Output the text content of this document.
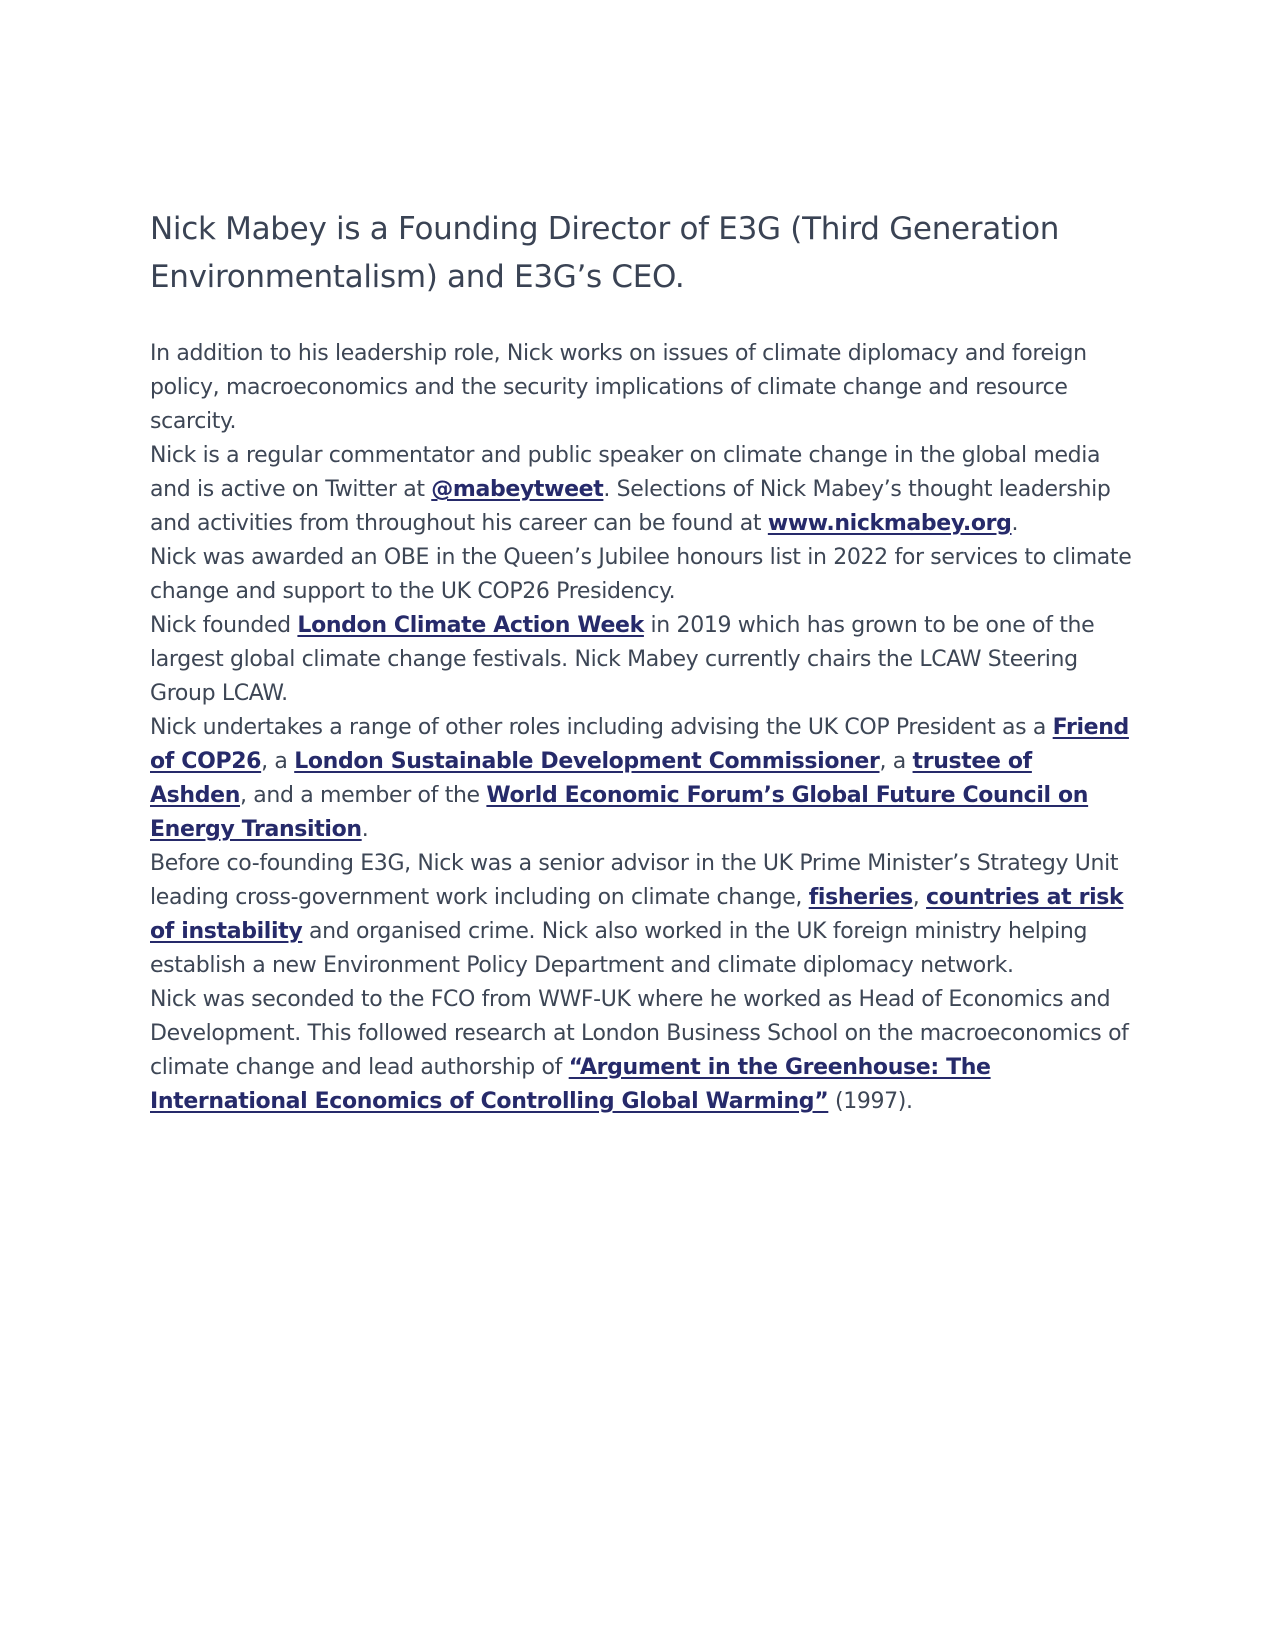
Nick Mabey is a Founding Director of E3G (Third Generation Environmentalism) and E3G’s CEO.

In addition to his leadership role, Nick works on issues of climate diplomacy and foreign policy, macroeconomics and the security implications of climate change and resource scarcity.

Nick is a regular commentator and public speaker on climate change in the global media and is active on Twitter at @mabeytweet. Selections of Nick Mabey’s thought leadership and activities from throughout his career can be found at www.nickmabey.org.

Nick was awarded an OBE in the Queen’s Jubilee honours list in 2022 for services to climate change and support to the UK COP26 Presidency.

Nick founded London Climate Action Week in 2019 which has grown to be one of the largest global climate change festivals. Nick Mabey currently chairs the LCAW Steering Group LCAW.

Nick undertakes a range of other roles including advising the UK COP President as a Friend of COP26, a London Sustainable Development Commissioner, a trustee of Ashden, and a member of the World Economic Forum’s Global Future Council on Energy Transition.

Before co-founding E3G, Nick was a senior advisor in the UK Prime Minister’s Strategy Unit leading cross-government work including on climate change, fisheries, countries at risk of instability and organised crime. Nick also worked in the UK foreign ministry helping establish a new Environment Policy Department and climate diplomacy network.

Nick was seconded to the FCO from WWF-UK where he worked as Head of Economics and Development. This followed research at London Business School on the macroeconomics of climate change and lead authorship of “Argument in the Greenhouse: The International Economics of Controlling Global Warming” (1997).
